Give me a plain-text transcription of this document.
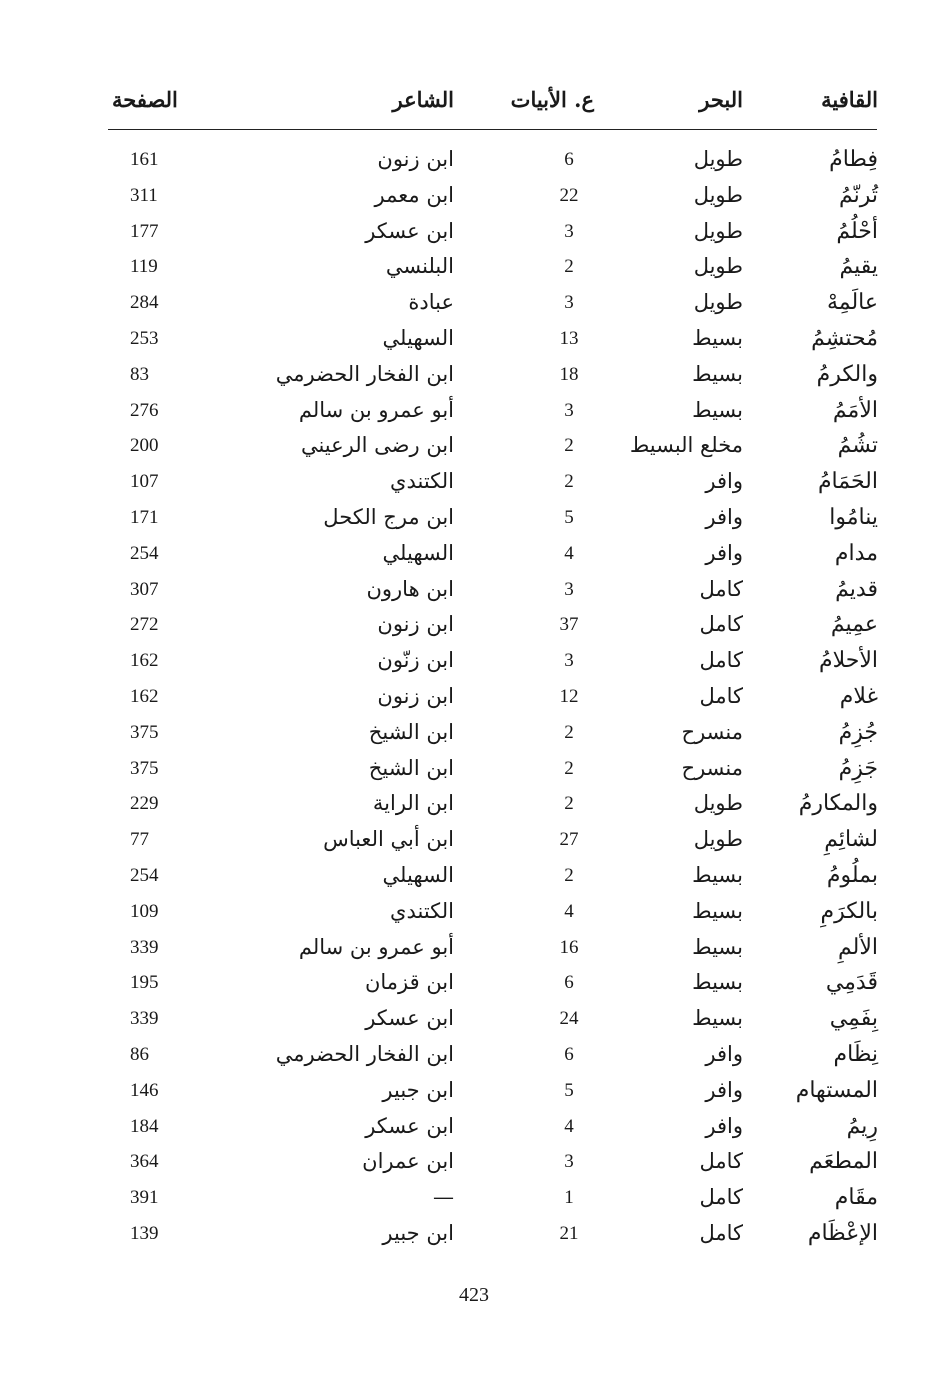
القافية
البحر
ع. الأبيات
الشاعر
الصفحة
فِطامُ
طويل
6
ابن زنون
161
تُرنّمُ
طويل
22
ابن معمر
311
أحْلُمُ
طويل
3
ابن عسكر
177
يقيمُ
طويل
2
البلنسي
119
عالَمِهْ
طويل
3
عبادة
284
مُحتشِمُ
بسيط
13
السهيلي
253
والكرمُ
بسيط
18
ابن الفخار الحضرمي
83
الأمَمُ
بسيط
3
أبو عمرو بن سالم
276
تشُمُ
مخلع البسيط
2
ابن رضى الرعيني
200
الحَمَامُ
وافر
2
الكتندي
107
ينامُوا
وافر
5
ابن مرج الكحل
171
مدام
وافر
4
السهيلي
254
قديمُ
كامل
3
ابن هارون
307
عمِيمُ
كامل
37
ابن زنون
272
الأحلامُ
كامل
3
ابن زنّون
162
غلام
كامل
12
ابن زنون
162
جُزِمُ
منسرح
2
ابن الشيخ
375
جَزِمُ
منسرح
2
ابن الشيخ
375
والمكارمُ
طويل
2
ابن الراية
229
لشائِمِ
طويل
27
ابن أبي العباس
77
بملُومُ
بسيط
2
السهيلي
254
بالكرَمِ
بسيط
4
الكتندي
109
الألمِ
بسيط
16
أبو عمرو بن سالم
339
قَدَمِي
بسيط
6
ابن قزمان
195
بِفَمِي
بسيط
24
ابن عسكر
339
نِظَام
وافر
6
ابن الفخار الحضرمي
86
المستهام
وافر
5
ابن جبير
146
رِيمُ
وافر
4
ابن عسكر
184
المطعَم
كامل
3
ابن عمران
364
مقَام
كامل
1
—
391
الإعْظَام
كامل
21
ابن جبير
139
423
